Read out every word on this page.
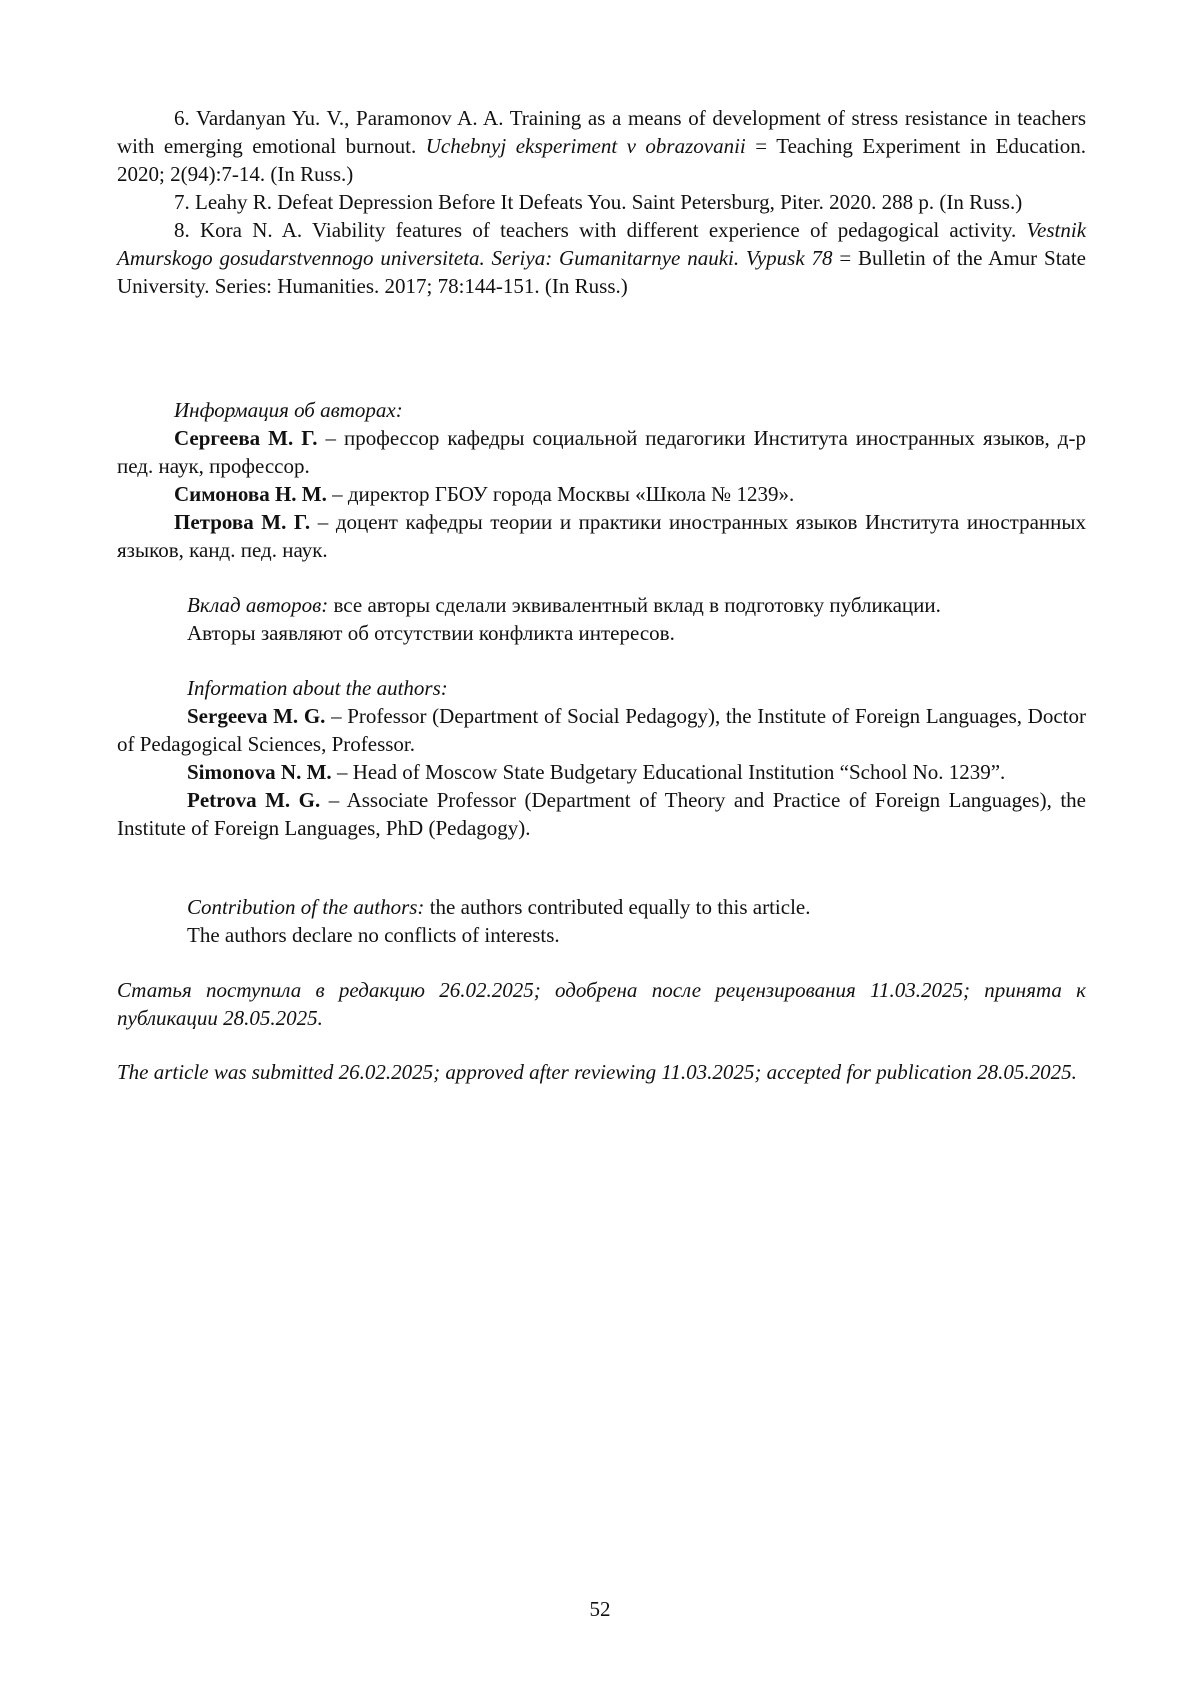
6. Vardanyan Yu. V., Paramonov A. A. Training as a means of development of stress resistance in teachers with emerging emotional burnout. Uchebnyj eksperiment v obrazovanii = Teaching Experiment in Education. 2020; 2(94):7-14. (In Russ.)

7. Leahy R. Defeat Depression Before It Defeats You. Saint Petersburg, Piter. 2020. 288 p. (In Russ.)

8. Kora N. A. Viability features of teachers with different experience of pedagogical activity. Vestnik Amurskogo gosudarstvennogo universiteta. Seriya: Gumanitarnye nauki. Vypusk 78 = Bulletin of the Amur State University. Series: Humanities. 2017; 78:144-151. (In Russ.)

Информация об авторах:

Сергеева М. Г. – профессор кафедры социальной педагогики Института иностранных языков, д-р пед. наук, профессор.

Симонова Н. М. – директор ГБОУ города Москвы «Школа № 1239».

Петрова М. Г. – доцент кафедры теории и практики иностранных языков Института иностранных языков, канд. пед. наук.

Вклад авторов: все авторы сделали эквивалентный вклад в подготовку публикации.

Авторы заявляют об отсутствии конфликта интересов.

Information about the authors:

Sergeeva M. G. – Professor (Department of Social Pedagogy), the Institute of Foreign Languages, Doctor of Pedagogical Sciences, Professor.

Simonova N. M. – Head of Moscow State Budgetary Educational Institution “School No. 1239”.

Petrova M. G. – Associate Professor (Department of Theory and Practice of Foreign Languages), the Institute of Foreign Languages, PhD (Pedagogy).

Contribution of the authors: the authors contributed equally to this article.

The authors declare no conflicts of interests.

Статья поступила в редакцию 26.02.2025; одобрена после рецензирования 11.03.2025; принята к публикации 28.05.2025.

The article was submitted 26.02.2025; approved after reviewing 11.03.2025; accepted for publication 28.05.2025.

52
